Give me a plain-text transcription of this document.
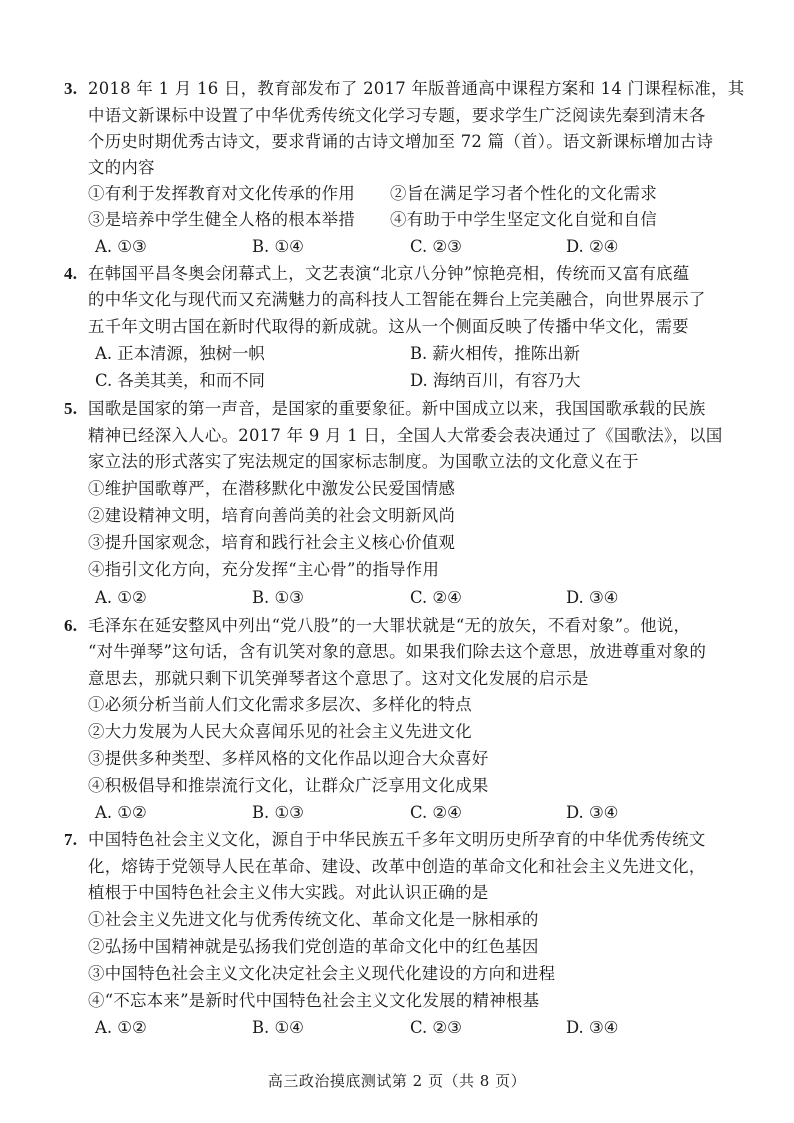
3. 2018 年 1 月 16 日，教育部发布了 2017 年版普通高中课程方案和 14 门课程标准，其
中语文新课标中设置了中华优秀传统文化学习专题，要求学生广泛阅读先秦到清末各
个历史时期优秀古诗文，要求背诵的古诗文增加至 72 篇（首）。语文新课标增加古诗
文的内容
①有利于发挥教育对文化传承的作用 ②旨在满足学习者个性化的文化需求
③是培养中学生健全人格的根本举措 ④有助于中学生坚定文化自觉和自信
A. ①③	B. ①④	C. ②③	D. ②④
4. 在韩国平昌冬奥会闭幕式上，文艺表演“北京八分钟”惊艳亮相，传统而又富有底蕴
的中华文化与现代而又充满魅力的高科技人工智能在舞台上完美融合，向世界展示了
五千年文明古国在新时代取得的新成就。这从一个侧面反映了传播中华文化，需要
A. 正本清源，独树一帜	B. 薪火相传，推陈出新
C. 各美其美，和而不同	D. 海纳百川，有容乃大
5. 国歌是国家的第一声音，是国家的重要象征。新中国成立以来，我国国歌承载的民族
精神已经深入人心。2017 年 9 月 1 日，全国人大常委会表决通过了《国歌法》，以国
家立法的形式落实了宪法规定的国家标志制度。为国歌立法的文化意义在于
①维护国歌尊严，在潜移默化中激发公民爱国情感
②建设精神文明，培育向善尚美的社会文明新风尚
③提升国家观念，培育和践行社会主义核心价值观
④指引文化方向，充分发挥“主心骨”的指导作用
A. ①②	B. ①③	C. ②④	D. ③④
6. 毛泽东在延安整风中列出“党八股”的一大罪状就是“无的放矢，不看对象”。他说，
“对牛弹琴”这句话，含有讥笑对象的意思。如果我们除去这个意思，放进尊重对象的
意思去，那就只剩下讥笑弹琴者这个意思了。这对文化发展的启示是
①必须分析当前人们文化需求多层次、多样化的特点
②大力发展为人民大众喜闻乐见的社会主义先进文化
③提供多种类型、多样风格的文化作品以迎合大众喜好
④积极倡导和推崇流行文化，让群众广泛享用文化成果
A. ①②	B. ①③	C. ②④	D. ③④
7. 中国特色社会主义文化，源自于中华民族五千多年文明历史所孕育的中华优秀传统文
化，熔铸于党领导人民在革命、建设、改革中创造的革命文化和社会主义先进文化，
植根于中国特色社会主义伟大实践。对此认识正确的是
①社会主义先进文化与优秀传统文化、革命文化是一脉相承的
②弘扬中国精神就是弘扬我们党创造的革命文化中的红色基因
③中国特色社会主义文化决定社会主义现代化建设的方向和进程
④“不忘本来”是新时代中国特色社会主义文化发展的精神根基
A. ①②	B. ①④	C. ②③	D. ③④
高三政治摸底测试第 2 页（共 8 页）
